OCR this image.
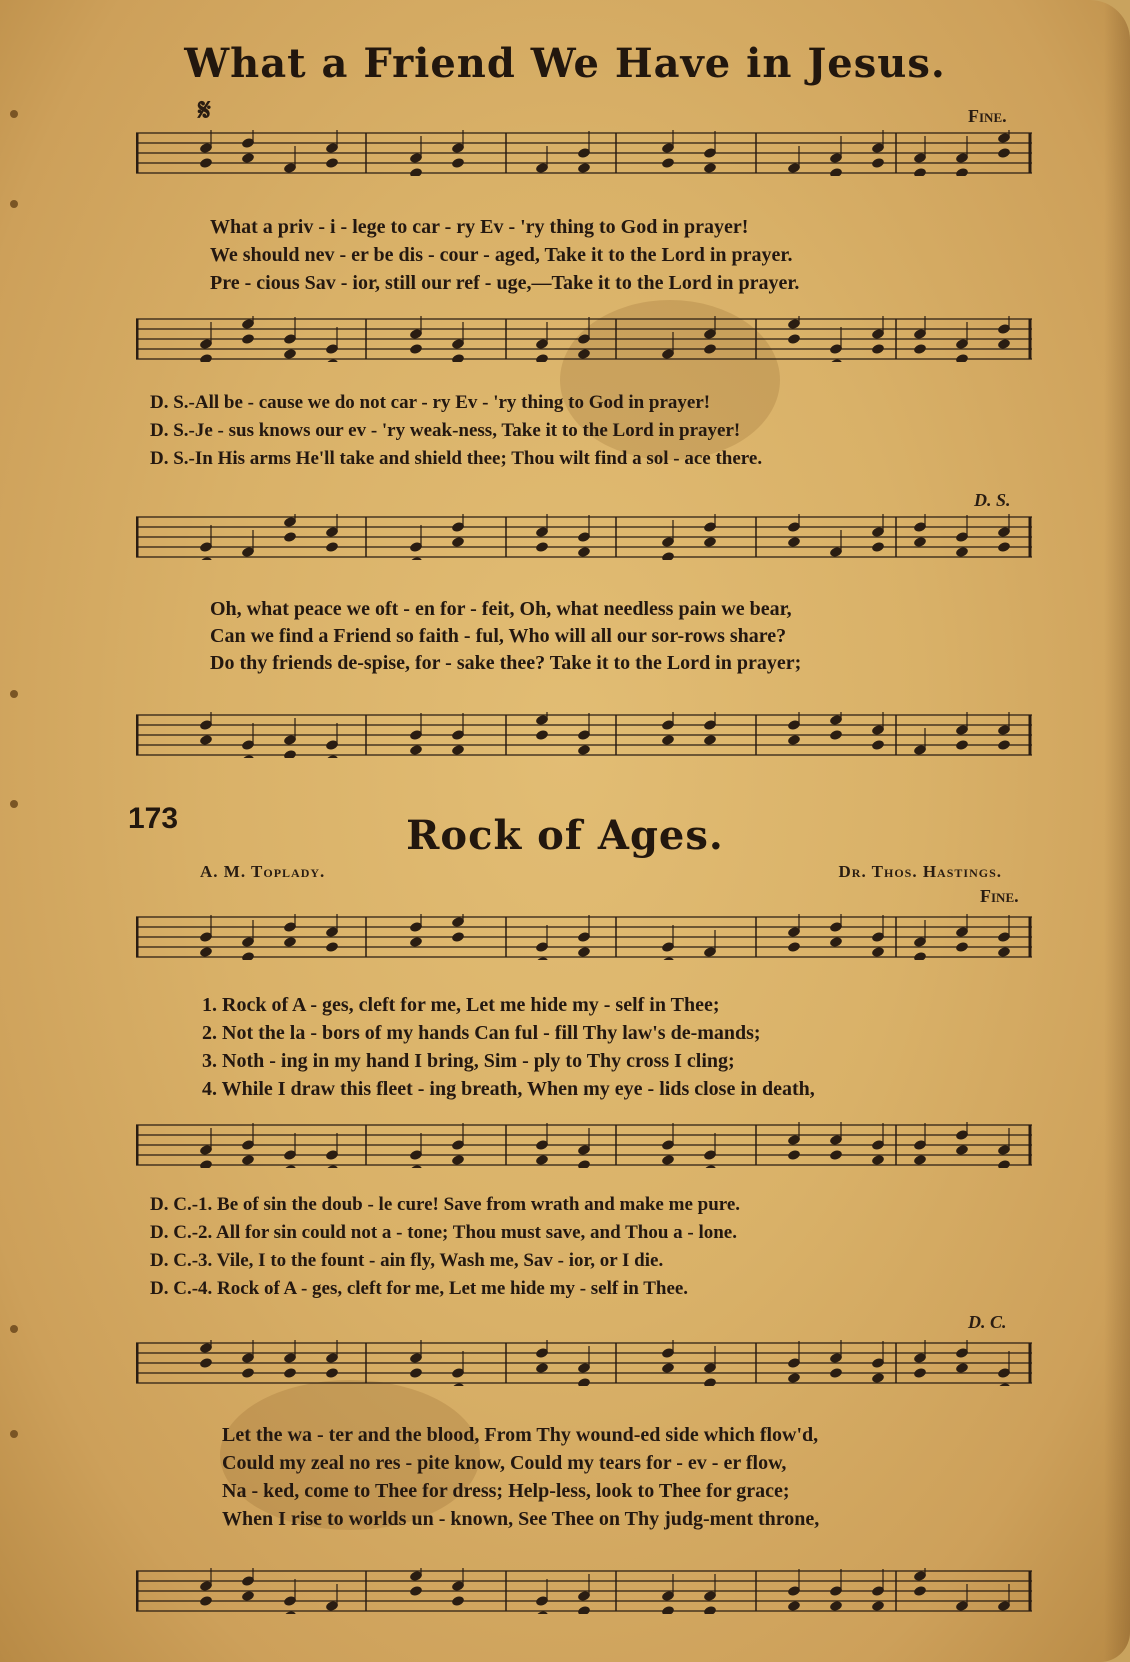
What a Friend We Have in Jesus.
𝄋	Fine.
What a priv - i - lege to car - ry Ev - 'ry thing to God in prayer!
We should nev - er be dis - cour - aged, Take it to the Lord in prayer.
Pre - cious Sav - ior, still our ref - uge,—Take it to the Lord in prayer.
D. S.-All be - cause we do not car - ry Ev - 'ry thing to God in prayer!
D. S.-Je - sus knows our ev - 'ry weak-ness, Take it to the Lord in prayer!
D. S.-In His arms He'll take and shield thee; Thou wilt find a sol - ace there.
D. S.
Oh, what peace we oft - en for - feit, Oh, what needless pain we bear,
Can we find a Friend so faith - ful, Who will all our sor-rows share?
Do thy friends de-spise, for - sake thee? Take it to the Lord in prayer;
173	Rock of Ages.
A. M. Toplady.	Dr. Thos. Hastings.
Fine.
1. Rock of A - ges, cleft for me, Let me hide my - self in Thee;
2. Not the la - bors of my hands Can ful - fill Thy law's de-mands;
3. Noth - ing in my hand I bring, Sim - ply to Thy cross I cling;
4. While I draw this fleet - ing breath, When my eye - lids close in death,
D. C.-1. Be of sin the doub - le cure! Save from wrath and make me pure.
D. C.-2. All for sin could not a - tone; Thou must save, and Thou a - lone.
D. C.-3. Vile, I to the fount - ain fly, Wash me, Sav - ior, or I die.
D. C.-4. Rock of A - ges, cleft for me, Let me hide my - self in Thee.
D. C.
Let the wa - ter and the blood, From Thy wound-ed side which flow'd,
Could my zeal no res - pite know, Could my tears for - ev - er flow,
Na - ked, come to Thee for dress; Help-less, look to Thee for grace;
When I rise to worlds un - known, See Thee on Thy judg-ment throne,
